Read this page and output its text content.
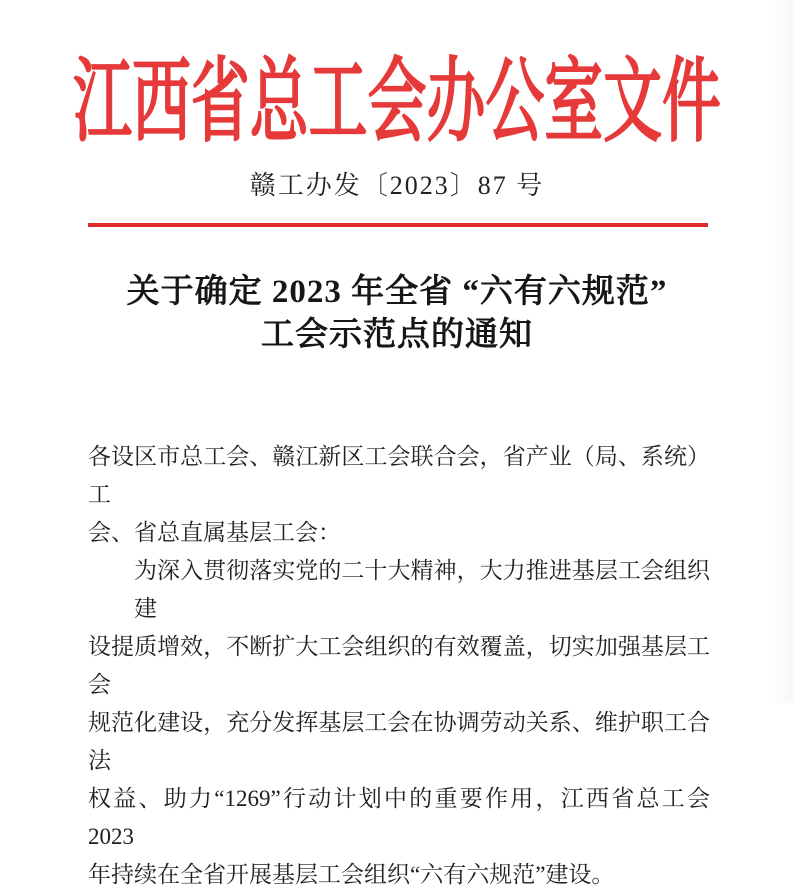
江西省总工会办公室文件
赣工办发〔2023〕87 号
关于确定 2023 年全省 “六有六规范”
工会示范点的通知

各设区市总工会、赣江新区工会联合会，省产业（局、系统）工

会、省总直属基层工会：

为深入贯彻落实党的二十大精神，大力推进基层工会组织建

设提质增效，不断扩大工会组织的有效覆盖，切实加强基层工会

规范化建设，充分发挥基层工会在协调劳动关系、维护职工合法

权益、助力“1269”行动计划中的重要作用，江西省总工会 2023

年持续在全省开展基层工会组织“六有六规范”建设。
